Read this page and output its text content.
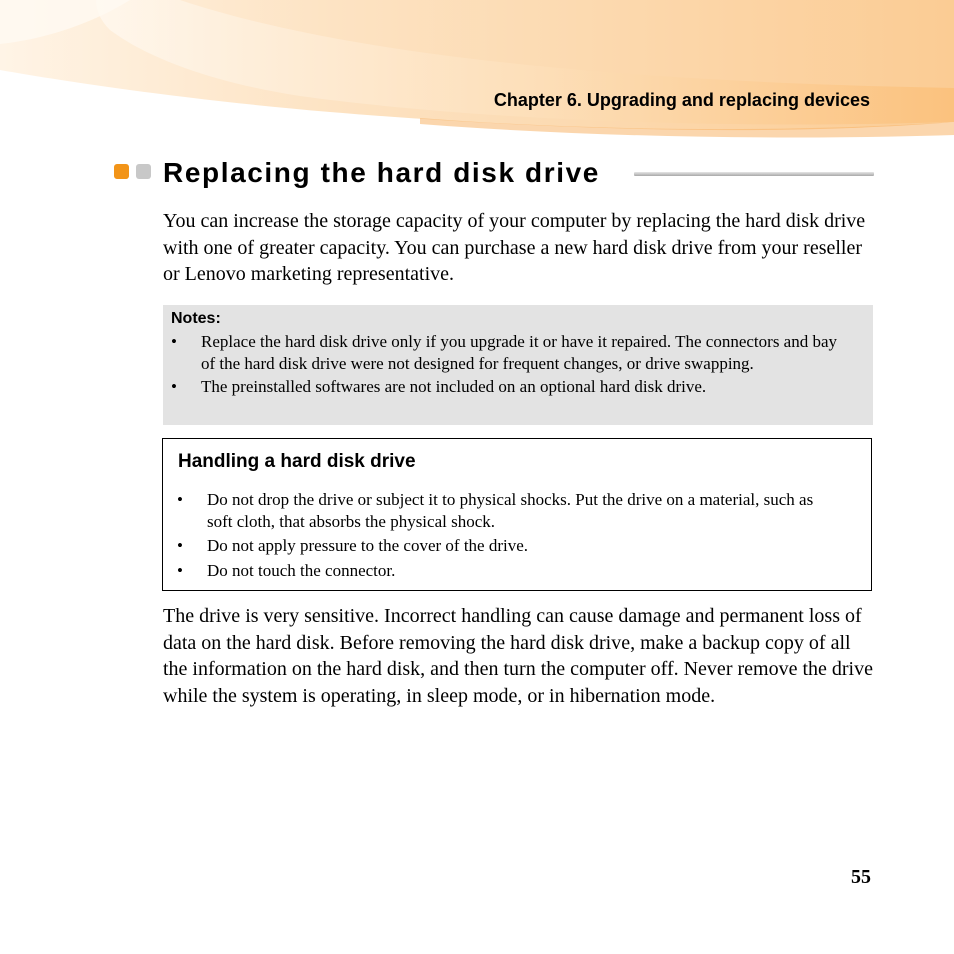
Chapter 6. Upgrading and replacing devices
Replacing the hard disk drive

You can increase the storage capacity of your computer by replacing the hard disk drive with one of greater capacity. You can purchase a new hard disk drive from your reseller or Lenovo marketing representative.

Notes:
• Replace the hard disk drive only if you upgrade it or have it repaired. The connectors and bay of the hard disk drive were not designed for frequent changes, or drive swapping.
• The preinstalled softwares are not included on an optional hard disk drive.
Handling a hard disk drive
• Do not drop the drive or subject it to physical shocks. Put the drive on a material, such as soft cloth, that absorbs the physical shock.
• Do not apply pressure to the cover of the drive.
• Do not touch the connector.

The drive is very sensitive. Incorrect handling can cause damage and permanent loss of data on the hard disk. Before removing the hard disk drive, make a backup copy of all the information on the hard disk, and then turn the computer off. Never remove the drive while the system is operating, in sleep mode, or in hibernation mode.

55
